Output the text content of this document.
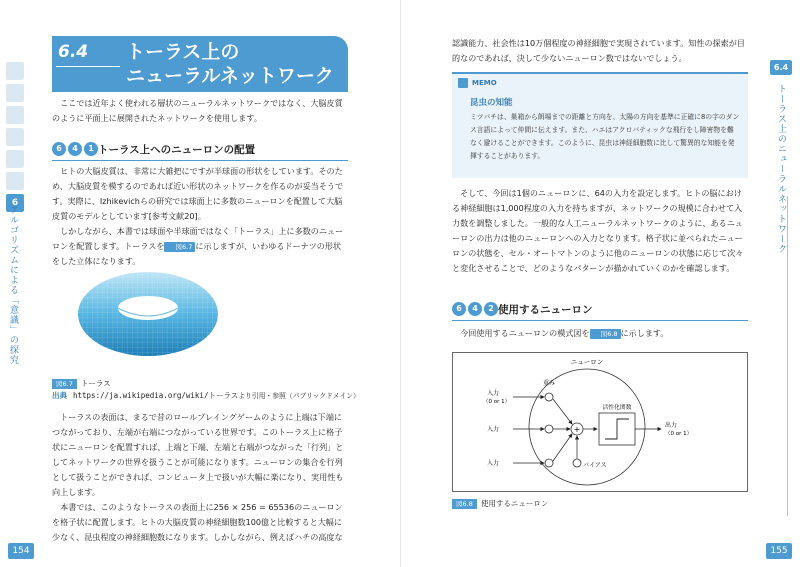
6
アルゴリズムによる「意識」の探究
154
6.4 トーラス上の
ニューラルネットワーク

ここでは近年よく使われる層状のニューラルネットワークではなく、大脳皮質のように平面上に展開されたネットワークを使用します。

6	4	1 トーラス上へのニューロンの配置

ヒトの大脳皮質は、非常に大雑把にですが半球面の形状をしています。そのため、大脳皮質を模するのであれば近い形状のネットワークを作るのが妥当そうです。実際に、Izhikevichらの研究では球面上に多数のニューロンを配置して大脳皮質のモデルとしています[参考文献20]。

しかしながら、本書では球面や半球面ではなく「トーラス」上に多数のニューロンを配置します。トーラスを 図6.7 に示しますが、いわゆるドーナツの形状をした立体になります。

図6.7 トーラス
出典 https://ja.wikipedia.org/wiki/トーラスより引用・参照（パブリックドメイン）

トーラスの表面は、まるで昔のロールプレイングゲームのように上端は下端につながっており、左端が右端につながっている世界です。このトーラス上に格子状にニューロンを配置すれば、上端と下端、左端と右端がつながった「行列」としてネットワークの世界を扱うことが可能になります。ニューロンの集合を行列として扱うことができれば、コンピュータ上で扱いが大幅に楽になり、実用性も向上します。

本書では、このようなトーラスの表面上に256 × 256 = 65536のニューロンを格子状に配置します。ヒトの大脳皮質の神経細胞数100億と比較すると大幅に少なく、昆虫程度の神経細胞数になります。しかしながら、例えばハチの高度な

6.4
トーラス上のニューラルネットワーク
155

認識能力、社会性は10万個程度の神経細胞で実現されています。知性の探索が目的なのであれば、決して少ないニューロン数ではないでしょう。

MEMO
昆虫の知能
ミツバチは、巣箱から餌場までの距離と方向を、太陽の方向を基準に正確に8の字のダンス言語によって仲間に伝えます。また、ハエはアクロバティックな飛行をし障害物を難なく避けることができます。このように、昆虫は神経細胞数に比して驚異的な知能を発揮することがあります。

そして、今回は1個のニューロンに、64の入力を設定します。ヒトの脳における神経細胞は1,000程度の入力を持ちますが、ネットワークの規模に合わせて入力数を調整しました。一般的な人工ニューラルネットワークのように、あるニューロンの出力は他のニューロンへの入力となります。格子状に並べられたニューロンの状態を、セル・オートマトンのように他のニューロンの状態に応じて次々と変化させることで、どのようなパターンが描かれていくのかを確認します。

6	4	2 使用するニューロン

今回使用するニューロンの模式図を 図6.8 に示します。

ニューロン
重み
入力
（0 or 1）
入力
入力
+
バイアス
活性化関数
出力
（0 or 1）
図6.8 使用するニューロン
